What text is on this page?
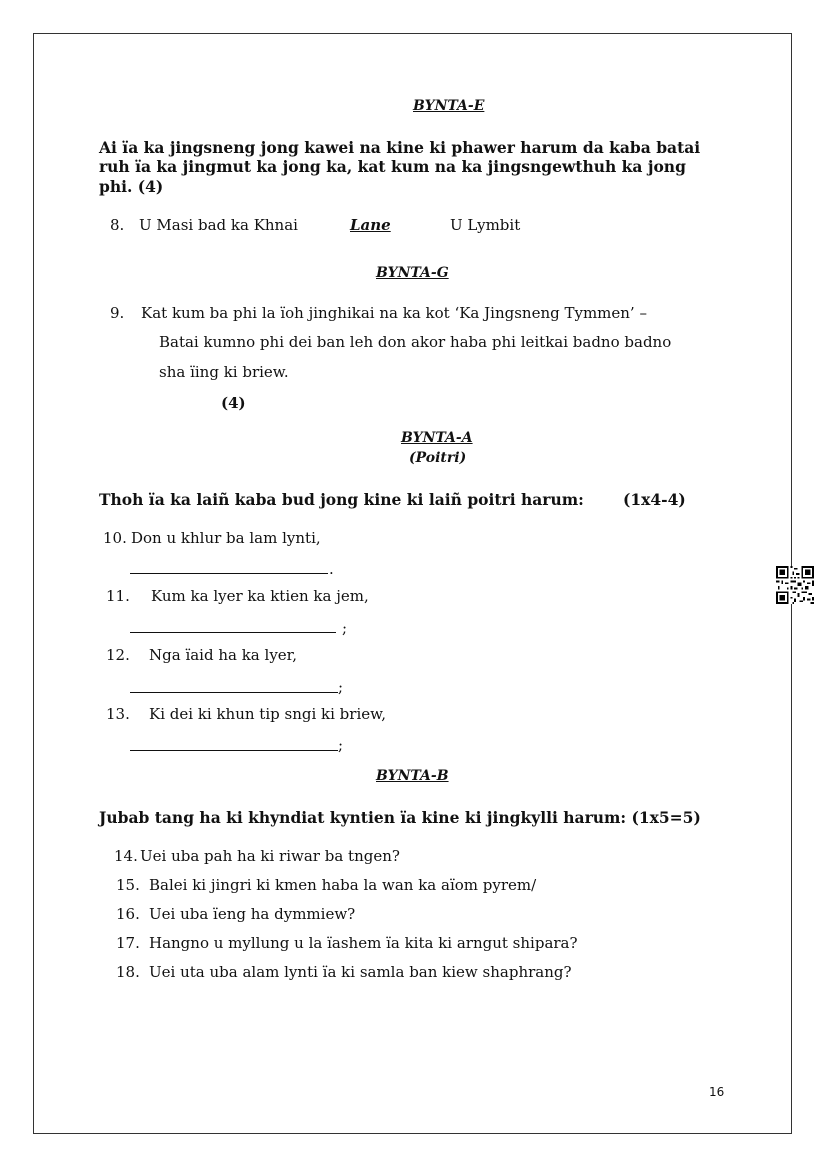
BYNTA-E
Ai ïa ka jingsneng jong kawei na kine ki phawer harum da kaba batai
ruh ïa ka jingmut ka jong ka, kat kum na ka jingsngewthuh ka jong
phi. (4)
8. U Masi bad ka Khnai	Lane	U Lymbit
BYNTA-G
9. Kat kum ba phi la ïoh jinghikai na ka kot ‘Ka Jingsneng Tymmen’ –
Batai kumno phi dei ban leh don akor haba phi leitkai badno badno
sha ïing ki briew.
(4)
BYNTA-A
(Poitri)
Thoh ïa ka laiñ kaba bud jong kine ki laiñ poitri harum:	(1x4-4)
10. Don u khlur ba lam lynti,
.
11. Kum ka lyer ka ktien ka jem,
;
12. Nga ïaid ha ka lyer,
;
13. Ki dei ki khun tip sngi ki briew,
;
BYNTA-B
Jubab tang ha ki khyndiat kyntien ïa kine ki jingkylli harum: (1x5=5)
14. Uei uba pah ha ki riwar ba tngen?
15. Balei ki jingri ki kmen haba la wan ka aïom pyrem/
16. Uei uba ïeng ha dymmiew?
17. Hangno u myllung u la ïashem ïa kita ki arngut shipara?
18. Uei uta uba alam lynti ïa ki samla ban kiew shaphrang?
16
